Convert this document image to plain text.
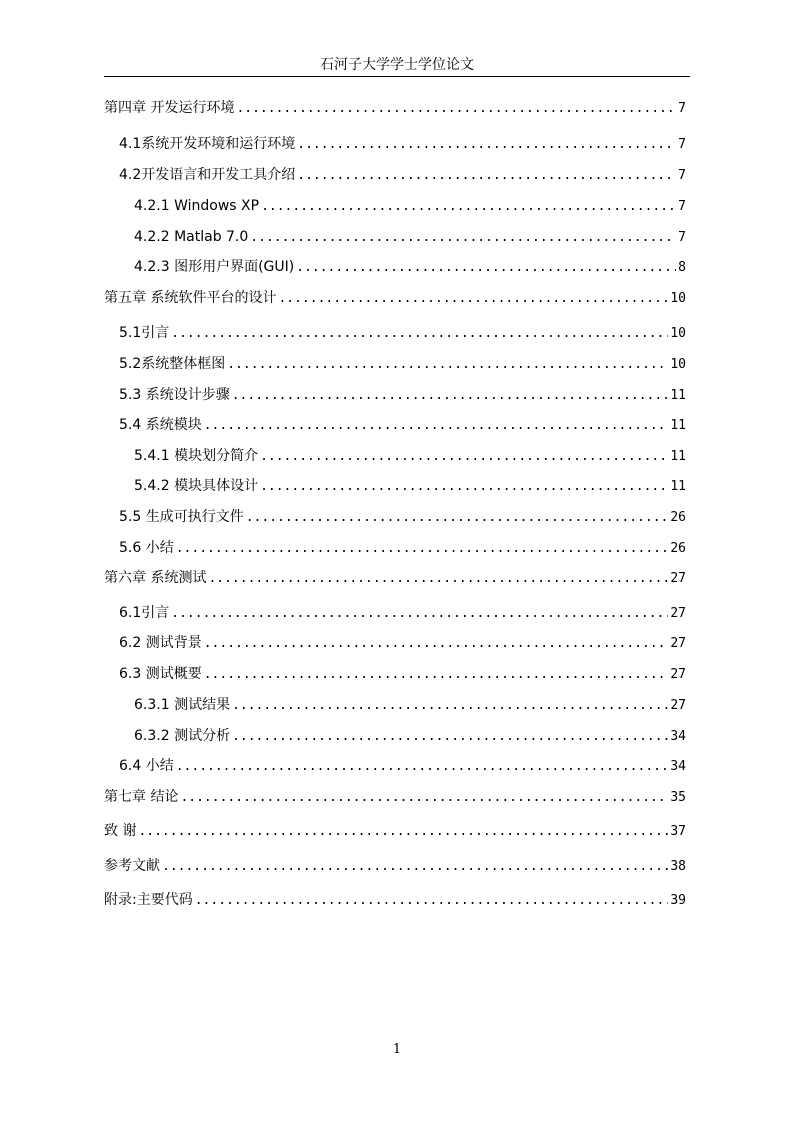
石河子大学学士学位论文
第四章 开发运行环境 .....	7
4.1系统开发环境和运行环境 .....	7
4.2开发语言和开发工具介绍 .....	7
4.2.1 Windows XP .....	7
4.2.2 Matlab 7.0 .....	7
4.2.3 图形用户界面(GUI) .....	8
第五章 系统软件平台的设计 .....	10
5.1引言 .....	10
5.2系统整体框图 .....	10
5.3 系统设计步骤 .....	11
5.4 系统模块 .....	11
5.4.1 模块划分简介 .....	11
5.4.2 模块具体设计 .....	11
5.5 生成可执行文件 .....	26
5.6 小结 .....	26
第六章 系统测试 .....	27
6.1引言 .....	27
6.2 测试背景 .....	27
6.3 测试概要 .....	27
6.3.1 测试结果 .....	27
6.3.2 测试分析 .....	34
6.4 小结 .....	34
第七章 结论 .....	35
致 谢 .....	37
参考文献 .....	38
附录:主要代码 .....	39
1
